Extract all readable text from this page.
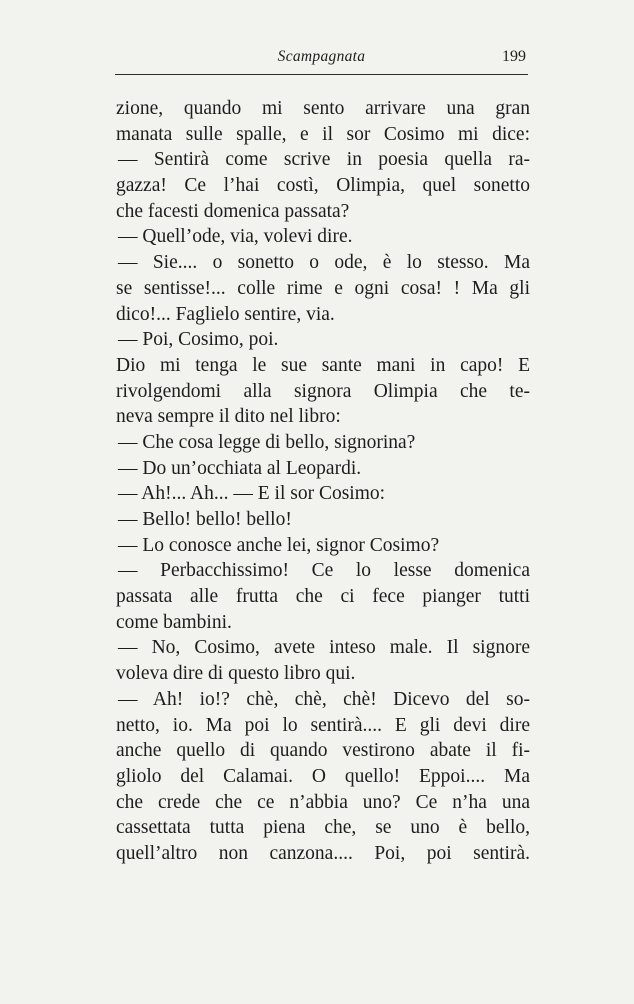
Scampagnata	199
zione, quando mi sento arrivare una gran
manata sulle spalle, e il sor Cosimo mi dice:
— Sentirà come scrive in poesia quella ra-
gazza! Ce l’hai costì, Olimpia, quel sonetto
che facesti domenica passata?
— Quell’ode, via, volevi dire.
— Sie.... o sonetto o ode, è lo stesso. Ma
se sentisse!... colle rime e ogni cosa! ! Ma gli
dico!... Faglielo sentire, via.
— Poi, Cosimo, poi.
Dio mi tenga le sue sante mani in capo! E
rivolgendomi alla signora Olimpia che te-
neva sempre il dito nel libro:
— Che cosa legge di bello, signorina?
— Do un’occhiata al Leopardi.
— Ah!... Ah... — E il sor Cosimo:
— Bello! bello! bello!
— Lo conosce anche lei, signor Cosimo?
— Perbacchissimo! Ce lo lesse domenica
passata alle frutta che ci fece pianger tutti
come bambini.
— No, Cosimo, avete inteso male. Il signore
voleva dire di questo libro qui.
— Ah! io!? chè, chè, chè! Dicevo del so-
netto, io. Ma poi lo sentirà.... E gli devi dire
anche quello di quando vestirono abate il fi-
gliolo del Calamai. O quello! Eppoi.... Ma
che crede che ce n’abbia uno? Ce n’ha una
cassettata tutta piena che, se uno è bello,
quell’altro non canzona.... Poi, poi sentirà.
